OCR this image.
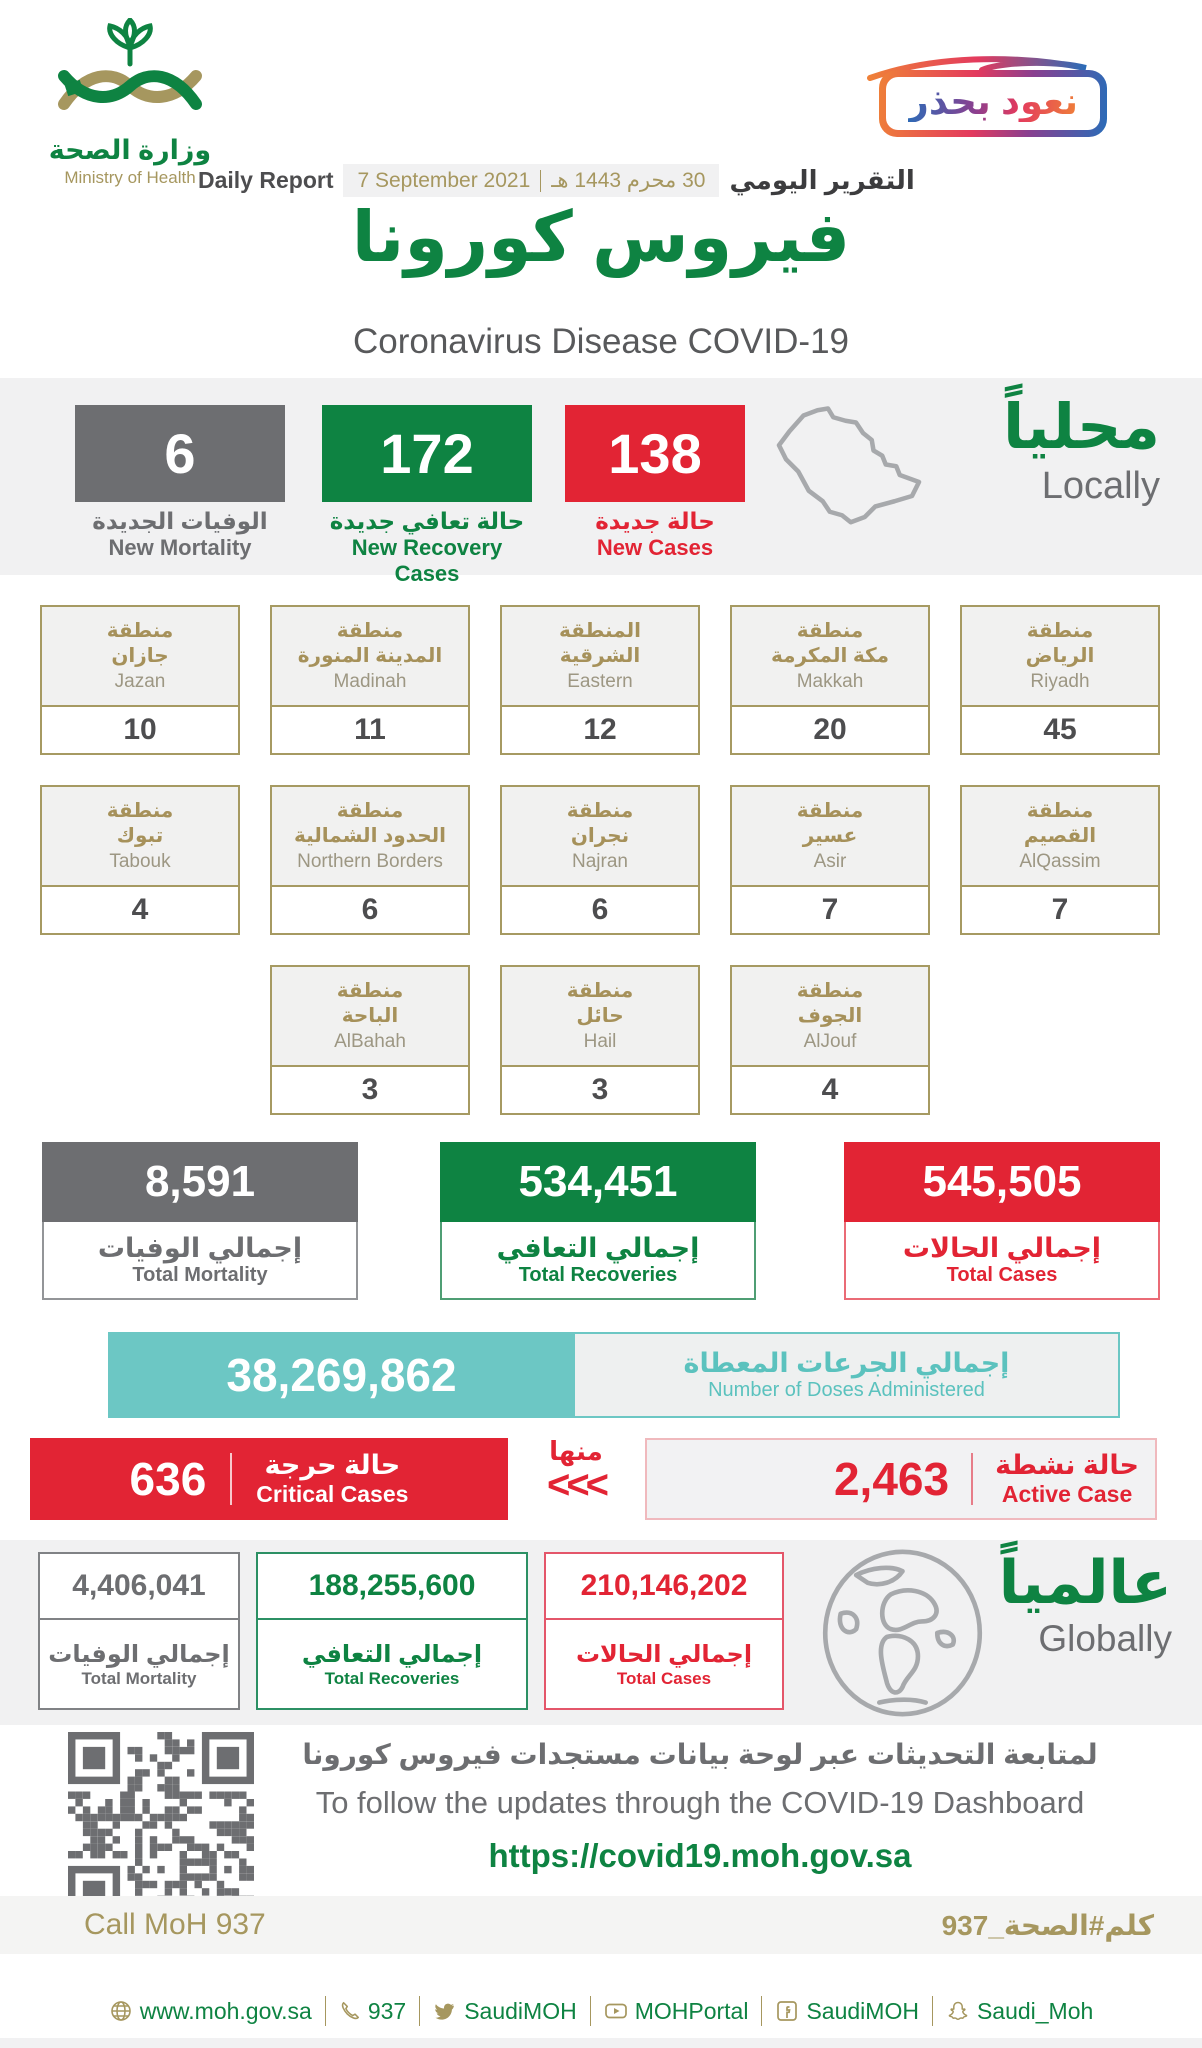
وزارة الصحة
Ministry of Health
نعود بحذر
Daily Report 7 September 2021 30 محرم 1443 هـ التقرير اليومي
فيروس كورونا
Coronavirus Disease COVID-19
6
الوفيات الجديدة
New Mortality
172
حالة تعافي جديدة
New Recovery Cases
138
حالة جديدة
New Cases
محلياً
Locally
منطقة
جازان
Jazan
10
منطقة
المدينة المنورة
Madinah
11
المنطقة
الشرقية
Eastern
12
منطقة
مكة المكرمة
Makkah
20
منطقة
الرياض
Riyadh
45
منطقة
تبوك
Tabouk
4
منطقة
الحدود الشمالية
Northern Borders
6
منطقة
نجران
Najran
6
منطقة
عسير
Asir
7
منطقة
القصيم
AlQassim
7
منطقة
الباحة
AlBahah
3
منطقة
حائل
Hail
3
منطقة
الجوف
AlJouf
4
8,591
إجمالي الوفيات
Total Mortality
534,451
إجمالي التعافي
Total Recoveries
545,505
إجمالي الحالات
Total Cases
38,269,862	إجمالي الجرعات المعطاة
Number of Doses Administered
636	حالة حرجة
Critical Cases
منها
<<<	2,463 حالة نشطة
Active Case
4,406,041
إجمالي الوفيات
Total Mortality
188,255,600
إجمالي التعافي
Total Recoveries
210,146,202
إجمالي الحالات
Total Cases
عالمياً
Globally
لمتابعة التحديثات عبر لوحة بيانات مستجدات فيروس كورونا
To follow the updates through the COVID-19 Dashboard
https://covid19.moh.gov.sa
Call MoH 937	كلم#الصحة_937
www.moh.gov.sa 937	SaudiMOH	MOHPortal	SaudiMOH	Saudi_Moh
